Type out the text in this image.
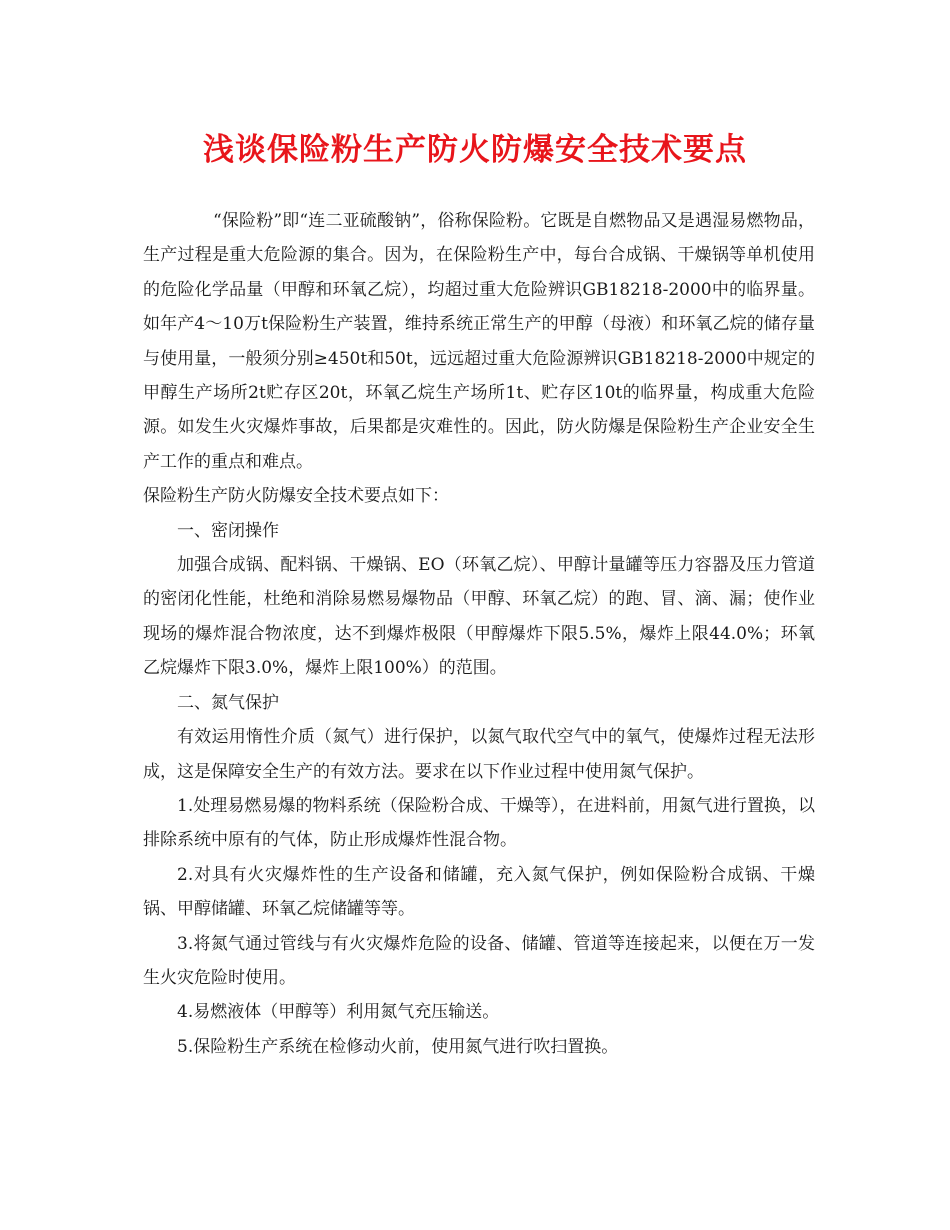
浅谈保险粉生产防火防爆安全技术要点

“保险粉”即“连二亚硫酸钠”，俗称保险粉。它既是自燃物品又是遇湿易燃物品，生产过程是重大危险源的集合。因为，在保险粉生产中，每台合成锅、干燥锅等单机使用的危险化学品量（甲醇和环氧乙烷），均超过重大危险辨识GB18218-2000中的临界量。如年产4～10万t保险粉生产装置，维持系统正常生产的甲醇（母液）和环氧乙烷的储存量与使用量，一般须分别≥450t和50t，远远超过重大危险源辨识GB18218-2000中规定的甲醇生产场所2t贮存区20t，环氧乙烷生产场所1t、贮存区10t的临界量，构成重大危险源。如发生火灾爆炸事故，后果都是灾难性的。因此，防火防爆是保险粉生产企业安全生产工作的重点和难点。

保险粉生产防火防爆安全技术要点如下：

一、密闭操作

加强合成锅、配料锅、干燥锅、EO（环氧乙烷）、甲醇计量罐等压力容器及压力管道的密闭化性能，杜绝和消除易燃易爆物品（甲醇、环氧乙烷）的跑、冒、滴、漏；使作业现场的爆炸混合物浓度，达不到爆炸极限（甲醇爆炸下限5.5%，爆炸上限44.0%；环氧乙烷爆炸下限3.0%，爆炸上限100%）的范围。

二、氮气保护

有效运用惰性介质（氮气）进行保护，以氮气取代空气中的氧气，使爆炸过程无法形成，这是保障安全生产的有效方法。要求在以下作业过程中使用氮气保护。

1.处理易燃易爆的物料系统（保险粉合成、干燥等），在进料前，用氮气进行置换，以排除系统中原有的气体，防止形成爆炸性混合物。

2.对具有火灾爆炸性的生产设备和储罐，充入氮气保护，例如保险粉合成锅、干燥锅、甲醇储罐、环氧乙烷储罐等等。

3.将氮气通过管线与有火灾爆炸危险的设备、储罐、管道等连接起来，以便在万一发生火灾危险时使用。

4.易燃液体（甲醇等）利用氮气充压输送。

5.保险粉生产系统在检修动火前，使用氮气进行吹扫置换。
